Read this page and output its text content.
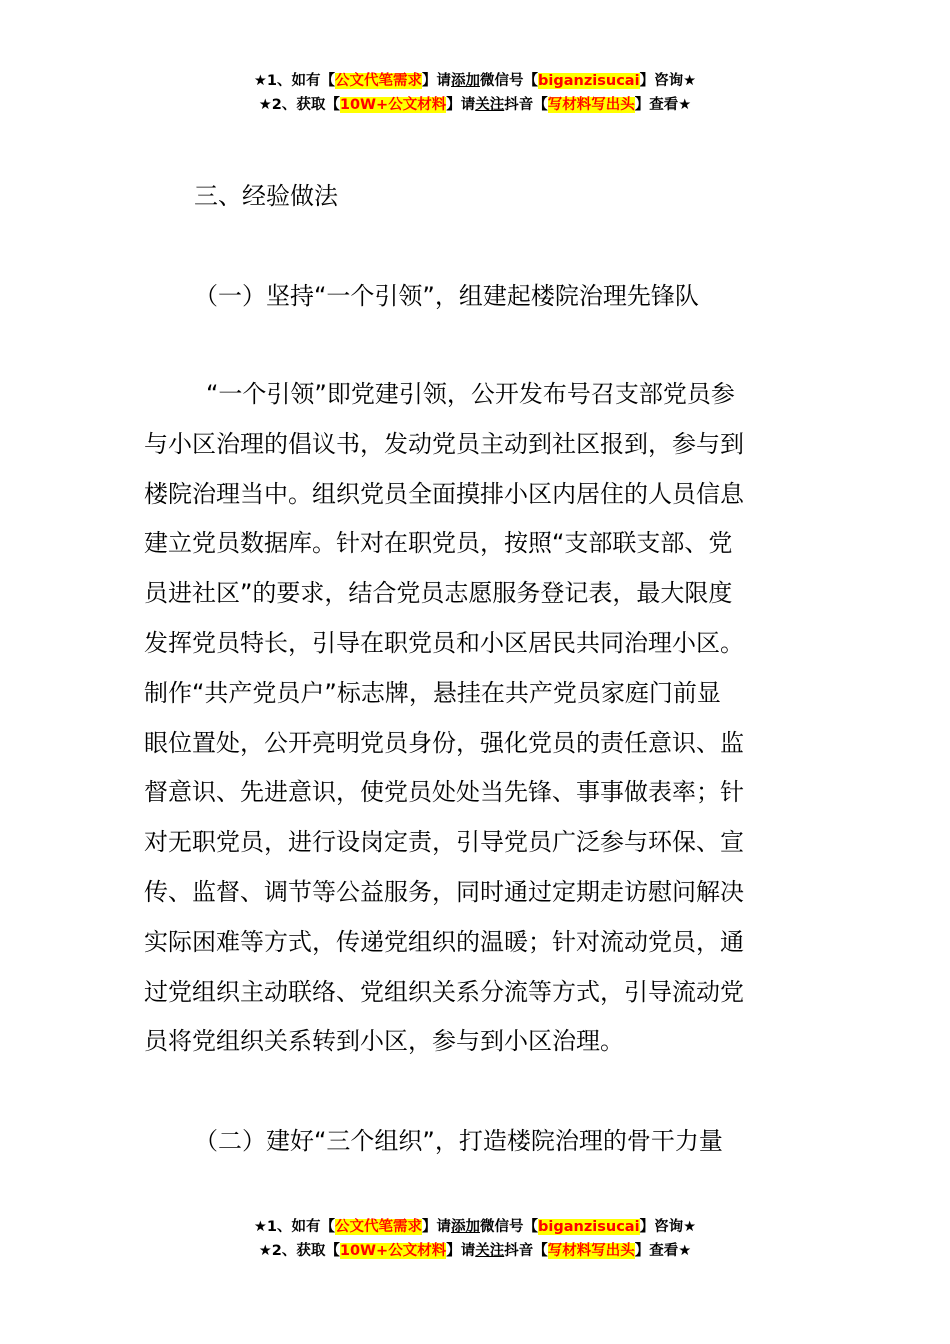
★1、如有【公文代笔需求】请添加微信号【biganzisucai】咨询★
★2、获取【10W+公文材料】请关注抖音【写材料写出头】查看★
三、经验做法
（一）坚持“一个引领”，组建起楼院治理先锋队
“一个引领”即党建引领，公开发布号召支部党员参
与小区治理的倡议书，发动党员主动到社区报到，参与到
楼院治理当中。组织党员全面摸排小区内居住的人员信息
建立党员数据库。针对在职党员，按照“支部联支部、党
员进社区”的要求，结合党员志愿服务登记表，最大限度
发挥党员特长，引导在职党员和小区居民共同治理小区。
制作“共产党员户”标志牌，悬挂在共产党员家庭门前显
眼位置处，公开亮明党员身份，强化党员的责任意识、监
督意识、先进意识，使党员处处当先锋、事事做表率；针
对无职党员，进行设岗定责，引导党员广泛参与环保、宣
传、监督、调节等公益服务，同时通过定期走访慰问解决
实际困难等方式，传递党组织的温暖；针对流动党员，通
过党组织主动联络、党组织关系分流等方式，引导流动党
员将党组织关系转到小区，参与到小区治理。
（二）建好“三个组织”，打造楼院治理的骨干力量
★1、如有【公文代笔需求】请添加微信号【biganzisucai】咨询★
★2、获取【10W+公文材料】请关注抖音【写材料写出头】查看★
